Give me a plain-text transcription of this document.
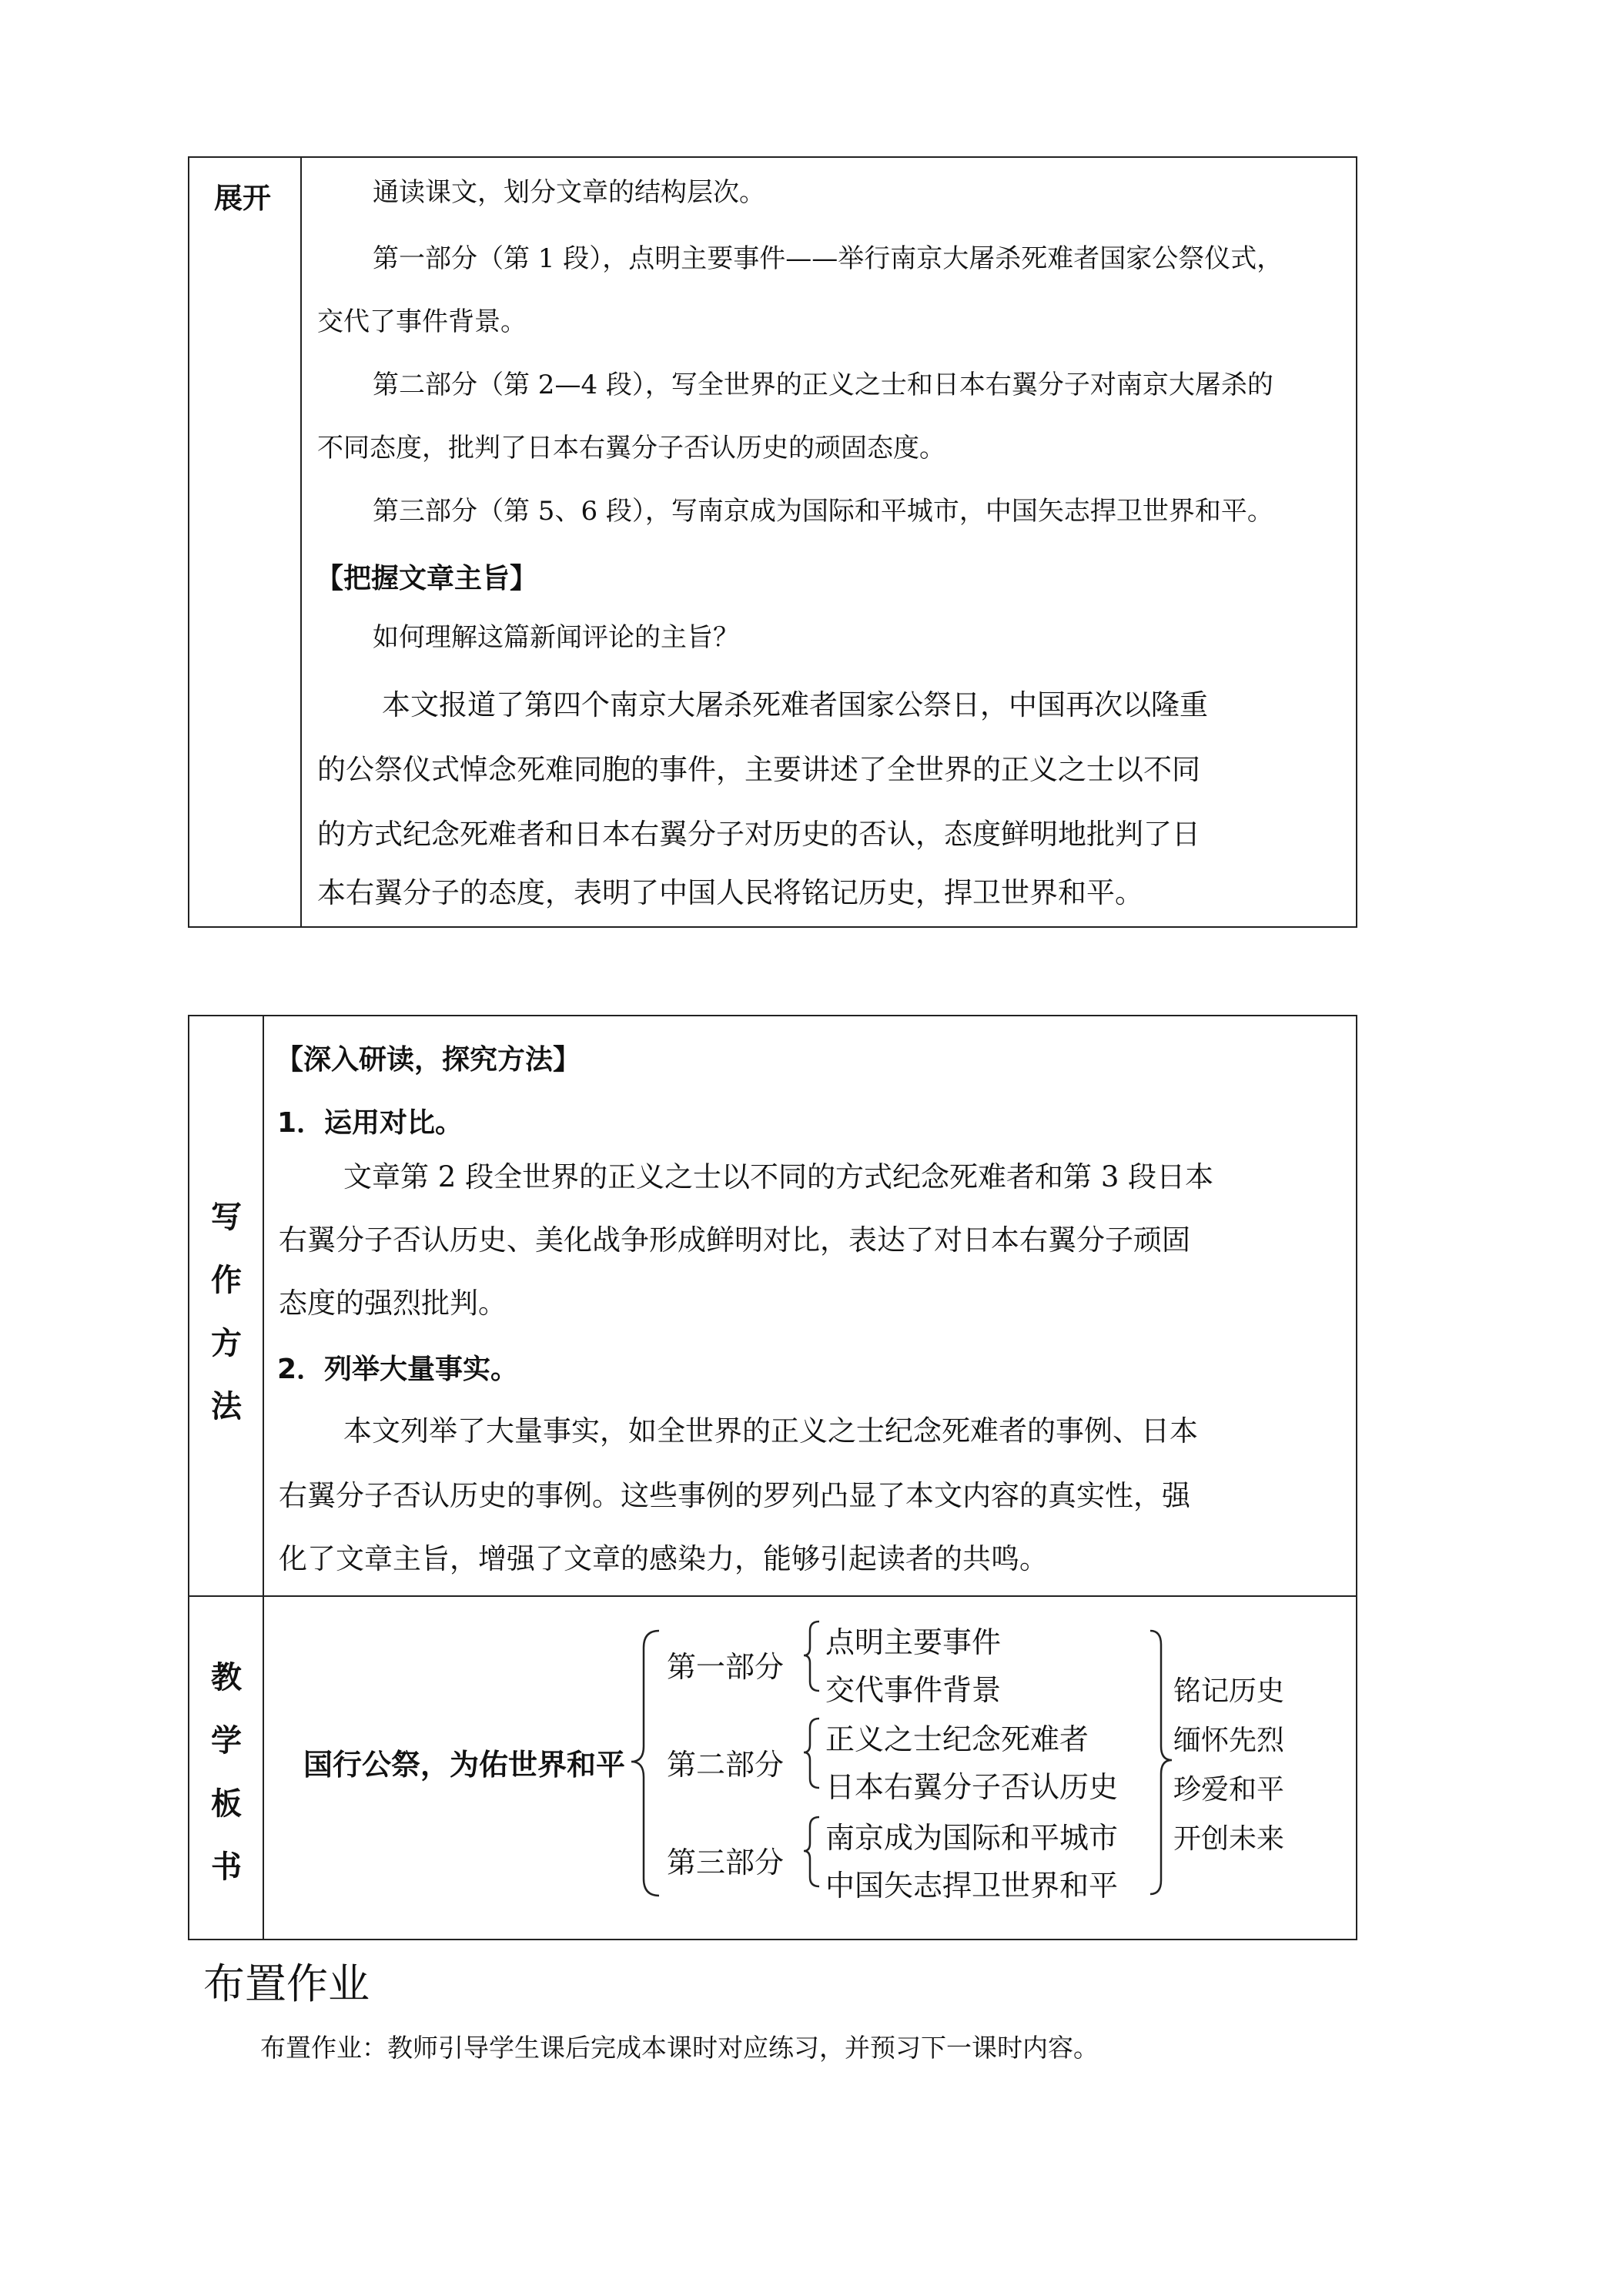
展开	通读课文，划分文章的结构层次。

第一部分（第 1 段），点明主要事件——举行南京大屠杀死难者国家公祭仪式，

交代了事件背景。

第二部分（第 2—4 段），写全世界的正义之士和日本右翼分子对南京大屠杀的

不同态度，批判了日本右翼分子否认历史的顽固态度。

第三部分（第 5、6 段），写南京成为国际和平城市，中国矢志捍卫世界和平。

【把握文章主旨】

如何理解这篇新闻评论的主旨？

本文报道了第四个南京大屠杀死难者国家公祭日，中国再次以隆重

的公祭仪式悼念死难同胞的事件，主要讲述了全世界的正义之士以不同

的方式纪念死难者和日本右翼分子对历史的否认，态度鲜明地批判了日

本右翼分子的态度，表明了中国人民将铭记历史，捍卫世界和平。

写
作
方
法

【深入研读，探究方法】

1．运用对比。

文章第 2 段全世界的正义之士以不同的方式纪念死难者和第 3 段日本

右翼分子否认历史、美化战争形成鲜明对比，表达了对日本右翼分子顽固

态度的强烈批判。

2．列举大量事实。

本文列举了大量事实，如全世界的正义之士纪念死难者的事例、日本

右翼分子否认历史的事例。这些事例的罗列凸显了本文内容的真实性，强

化了文章主旨，增强了文章的感染力，能够引起读者的共鸣。

教
学
板
书
国行公祭，为佑世界和平
第一部分
第二部分
第三部分
点明主要事件
交代事件背景
正义之士纪念死难者
日本右翼分子否认历史
南京成为国际和平城市
中国矢志捍卫世界和平
铭记历史
缅怀先烈
珍爱和平
开创未来
布置作业

布置作业：教师引导学生课后完成本课时对应练习，并预习下一课时内容。
